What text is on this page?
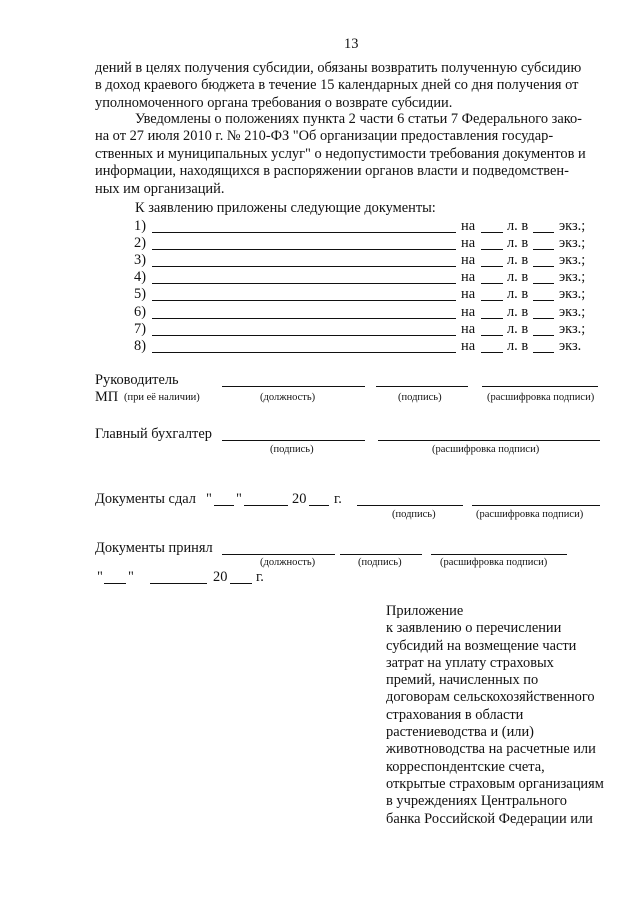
13
дений в целях получения субсидии, обязаны возвратить полученную субсидию
в доход краевого бюджета в течение 15 календарных дней со дня получения от
уполномоченного органа требования о возврате субсидии.
Уведомлены о положениях пункта 2 части 6 статьи 7 Федерального зако-
на от 27 июля 2010 г. № 210-ФЗ "Об организации предоставления государ-
ственных и муниципальных услуг" о недопустимости требования документов и
информации, находящихся в распоряжении органов власти и подведомствен-
ных им организаций.
К заявлению приложены следующие документы:
1)	на л. в экз.;
2)	на л. в экз.;
3)	на л. в экз.;
4)	на л. в экз.;
5)	на л. в экз.;
6)	на л. в экз.;
7)	на л. в экз.;
8)	на л. в экз.
Руководитель
МП (при её наличии)	(должность)	(подпись)	(расшифровка подписи)
Главный бухгалтер
(подпись)	(расшифровка подписи)
Документы сдал " "	20 г.
(подпись)	(расшифровка подписи)
Документы принял
(должность)	(подпись)	(расшифровка подписи)
" "	20 г.
Приложение
к заявлению о перечислении
субсидий на возмещение части
затрат на уплату страховых
премий, начисленных по
договорам сельскохозяйственного
страхования в области
растениеводства и (или)
животноводства на расчетные или
корреспондентские счета,
открытые страховым организациям
в учреждениях Центрального
банка Российской Федерации или
